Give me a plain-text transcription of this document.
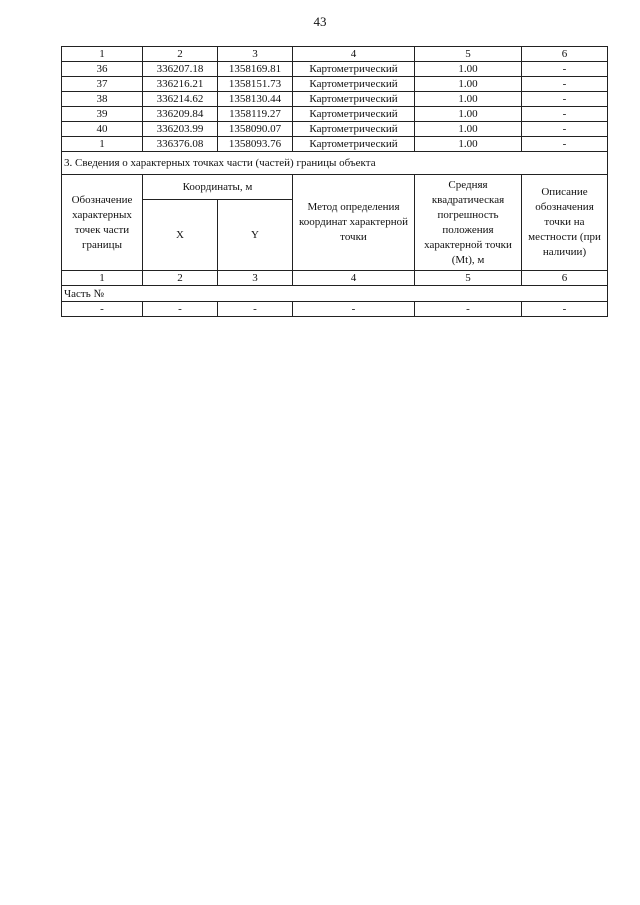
43
1	2	3	4	5	6
36	336207.18	1358169.81	Картометрический	1.00	-
37	336216.21	1358151.73	Картометрический	1.00	-
38	336214.62	1358130.44	Картометрический	1.00	-
39	336209.84	1358119.27	Картометрический	1.00	-
40	336203.99	1358090.07	Картометрический	1.00	-
1	336376.08	1358093.76	Картометрический	1.00	-
3. Сведения о характерных точках части (частей) границы объекта					
Обозначение характерных точек части границы	Координаты, м		Метод определения координат характерной точки	Средняя квадратическая погрешность положения характерной точки (Mt), м	Описание обозначения точки на местности (при наличии)
	X	Y			
1	2	3	4	5	6
Часть №					
-	-	-	-	-	-
